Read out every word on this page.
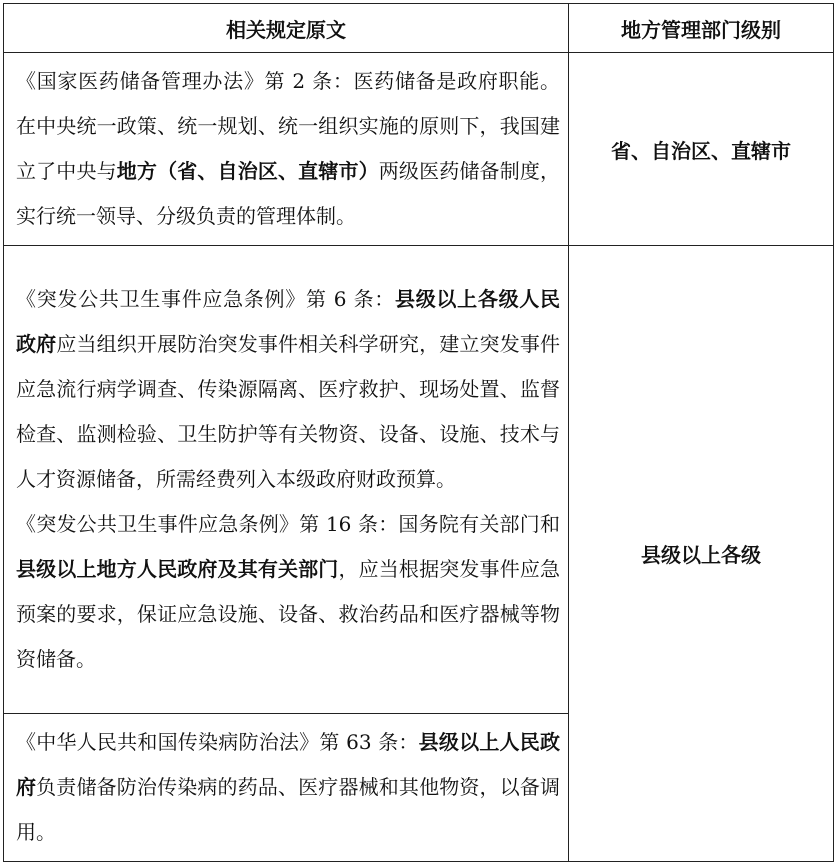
相关规定原文	地方管理部门级别

《国家医药储备管理办法》第 2 条：医药储备是政府职能。在中央统一政策、统一规划、统一组织实施的原则下，我国建立了中央与地方（省、自治区、直辖市）两级医药储备制度，实行统一领导、分级负责的管理体制。	省、自治区、直辖市

《突发公共卫生事件应急条例》第 6 条：县级以上各级人民政府应当组织开展防治突发事件相关科学研究，建立突发事件应急流行病学调查、传染源隔离、医疗救护、现场处置、监督检查、监测检验、卫生防护等有关物资、设备、设施、技术与人才资源储备，所需经费列入本级政府财政预算。

《突发公共卫生事件应急条例》第 16 条：国务院有关部门和县级以上地方人民政府及其有关部门，应当根据突发事件应急预案的要求，保证应急设施、设备、救治药品和医疗器械等物资储备。	县级以上各级

《中华人民共和国传染病防治法》第 63 条：县级以上人民政府负责储备防治传染病的药品、医疗器械和其他物资，以备调用。	
